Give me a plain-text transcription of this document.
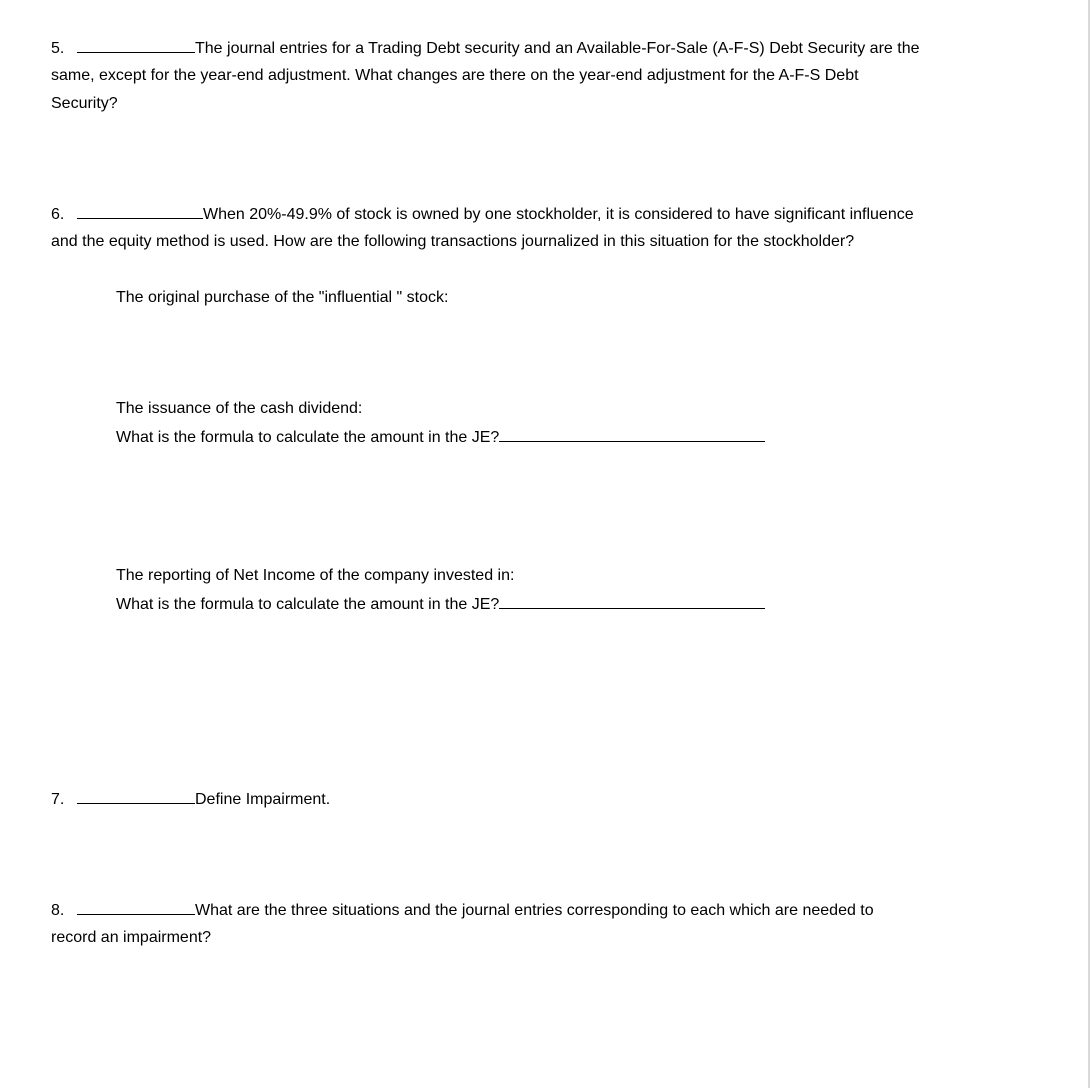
5.	The journal entries for a Trading Debt security and an Available-For-Sale (A-F-S) Debt Security are the
same, except for the year-end adjustment. What changes are there on the year-end adjustment for the A-F-S Debt
Security?
6.	When 20%-49.9% of stock is owned by one stockholder, it is considered to have significant influence
and the equity method is used. How are the following transactions journalized in this situation for the stockholder?
The original purchase of the "influential " stock:
The issuance of the cash dividend:
What is the formula to calculate the amount in the JE?
The reporting of Net Income of the company invested in:
What is the formula to calculate the amount in the JE?
7.	Define Impairment.
8.	What are the three situations and the journal entries corresponding to each which are needed to
record an impairment?
